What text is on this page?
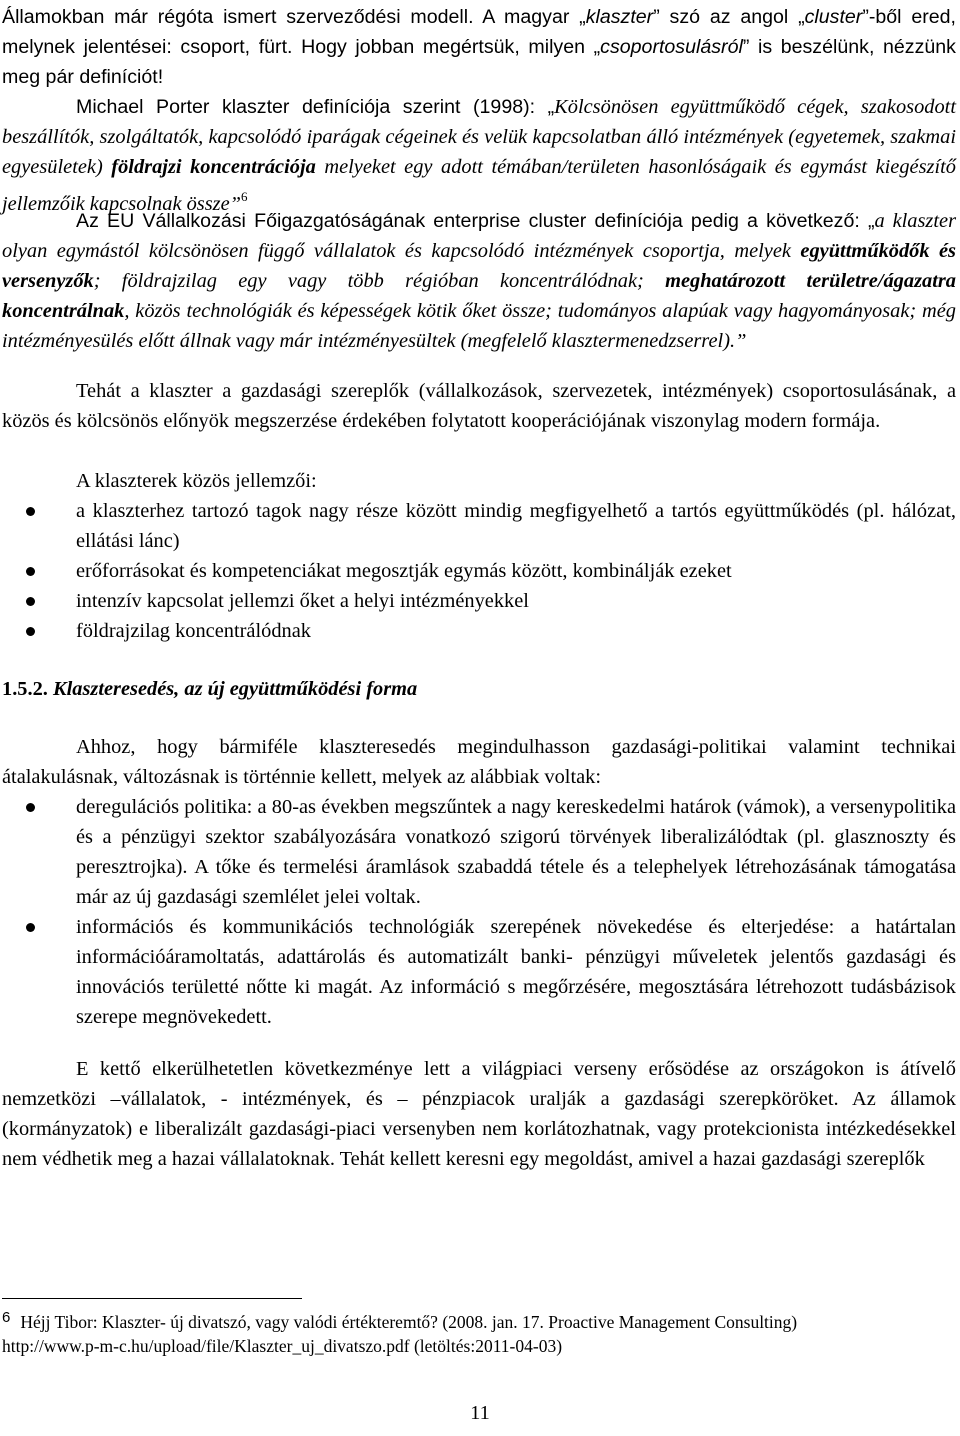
Államokban már régóta ismert szerveződési modell. A magyar „klaszter” szó az angol „cluster”-ből ered, melynek jelentései: csoport, fürt. Hogy jobban megértsük, milyen „csoportosulásról” is beszélünk, nézzünk meg pár definíciót!

Michael Porter klaszter definíciója szerint (1998): „Kölcsönösen együttműködő cégek, szakosodott beszállítók, szolgáltatók, kapcsolódó iparágak cégeinek és velük kapcsolatban álló intézmények (egyetemek, szakmai egyesületek) földrajzi koncentrációja melyeket egy adott témában/területen hasonlóságaik és egymást kiegészítő jellemzőik kapcsolnak össze”$^6$

Az EU Vállalkozási Főigazgatóságának enterprise cluster definíciója pedig a következő: „a klaszter olyan egymástól kölcsönösen függő vállalatok és kapcsolódó intézmények csoportja, melyek együttműködők és versenyzők; földrajzilag egy vagy több régióban koncentrálódnak; meghatározott területre/ágazatra koncentrálnak, közös technológiák és képességek kötik őket össze; tudományos alapúak vagy hagyományosak; még intézményesülés előtt állnak vagy már intézményesültek (megfelelő klasztermenedzserrel).”

Tehát a klaszter a gazdasági szereplők (vállalkozások, szervezetek, intézmények) csoportosulásának, a közös és kölcsönös előnyök megszerzése érdekében folytatott kooperációjának viszonylag modern formája.

A klaszterek közös jellemzői:

a klaszterhez tartozó tagok nagy része között mindig megfigyelhető a tartós együttműködés (pl. hálózat, ellátási lánc)
erőforrásokat és kompetenciákat megosztják egymás között, kombinálják ezeket
intenzív kapcsolat jellemzi őket a helyi intézményekkel
földrajzilag koncentrálódnak
1.5.2. Klaszteresedés, az új együttműködési forma

Ahhoz, hogy bármiféle klaszteresedés megindulhasson gazdasági-politikai valamint technikai átalakulásnak, változásnak is történnie kellett, melyek az alábbiak voltak:

deregulációs politika: a 80-as években megszűntek a nagy kereskedelmi határok (vámok), a versenypolitika és a pénzügyi szektor szabályozására vonatkozó szigorú törvények liberalizálódtak (pl. glasznoszty és peresztrojka). A tőke és termelési áramlások szabaddá tétele és a telephelyek létrehozásának támogatása már az új gazdasági szemlélet jelei voltak.
információs és kommunikációs technológiák szerepének növekedése és elterjedése: a határtalan információáramoltatás, adattárolás és automatizált banki- pénzügyi műveletek jelentős gazdasági és innovációs területté nőtte ki magát. Az információ s megőrzésére, megosztására létrehozott tudásbázisok szerepe megnövekedett.

E kettő elkerülhetetlen következménye lett a világpiaci verseny erősödése az országokon is átívelő nemzetközi –vállalatok, - intézmények, és – pénzpiacok uralják a gazdasági szerepköröket. Az államok (kormányzatok) e liberalizált gazdasági-piaci versenyben nem korlátozhatnak, vagy protekcionista intézkedésekkel nem védhetik meg a hazai vállalatoknak. Tehát kellett keresni egy megoldást, amivel a hazai gazdasági szereplők

6 Héjj Tibor: Klaszter- új divatszó, vagy valódi értékteremtő? (2008. jan. 17. Proactive Management Consulting)
http://www.p-m-c.hu/upload/file/Klaszter_uj_divatszo.pdf (letöltés:2011-04-03)

11
